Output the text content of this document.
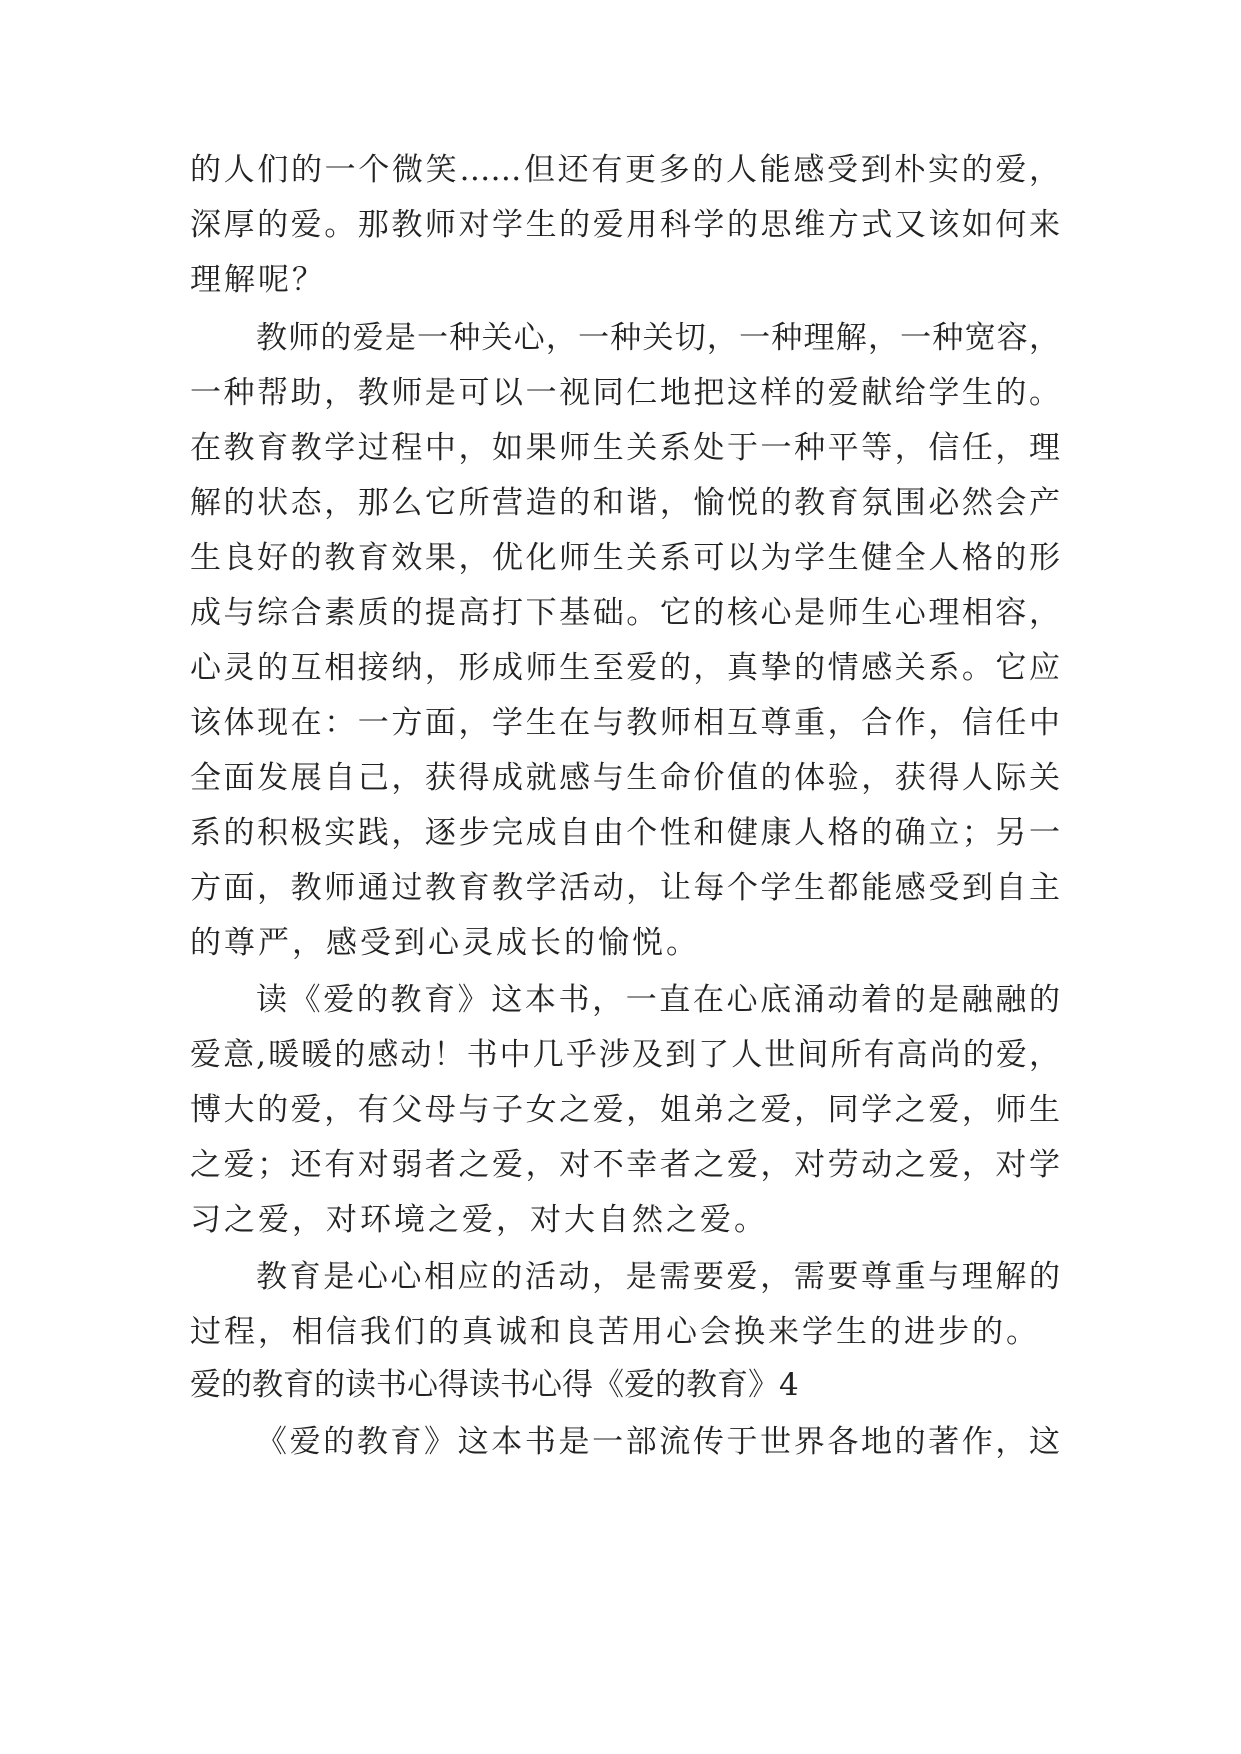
的人们的一个微笑……但还有更多的人能感受到朴实的爱，

深厚的爱。那教师对学生的爱用科学的思维方式又该如何来

理解呢？

教师的爱是一种关心，一种关切，一种理解，一种宽容，

一种帮助，教师是可以一视同仁地把这样的爱献给学生的。

在教育教学过程中，如果师生关系处于一种平等，信任，理

解的状态，那么它所营造的和谐，愉悦的教育氛围必然会产

生良好的教育效果，优化师生关系可以为学生健全人格的形

成与综合素质的提高打下基础。它的核心是师生心理相容，

心灵的互相接纳，形成师生至爱的，真挚的情感关系。它应

该体现在：一方面，学生在与教师相互尊重，合作，信任中

全面发展自己，获得成就感与生命价值的体验，获得人际关

系的积极实践，逐步完成自由个性和健康人格的确立；另一

方面，教师通过教育教学活动，让每个学生都能感受到自主

的尊严，感受到心灵成长的愉悦。

读《爱的教育》这本书，一直在心底涌动着的是融融的

爱意,暖暖的感动！书中几乎涉及到了人世间所有高尚的爱，

博大的爱，有父母与子女之爱，姐弟之爱，同学之爱，师生

之爱；还有对弱者之爱，对不幸者之爱，对劳动之爱，对学

习之爱，对环境之爱，对大自然之爱。

教育是心心相应的活动，是需要爱，需要尊重与理解的

过程，相信我们的真诚和良苦用心会换来学生的进步的。

爱的教育的读书心得读书心得《爱的教育》4

《爱的教育》这本书是一部流传于世界各地的著作，这
